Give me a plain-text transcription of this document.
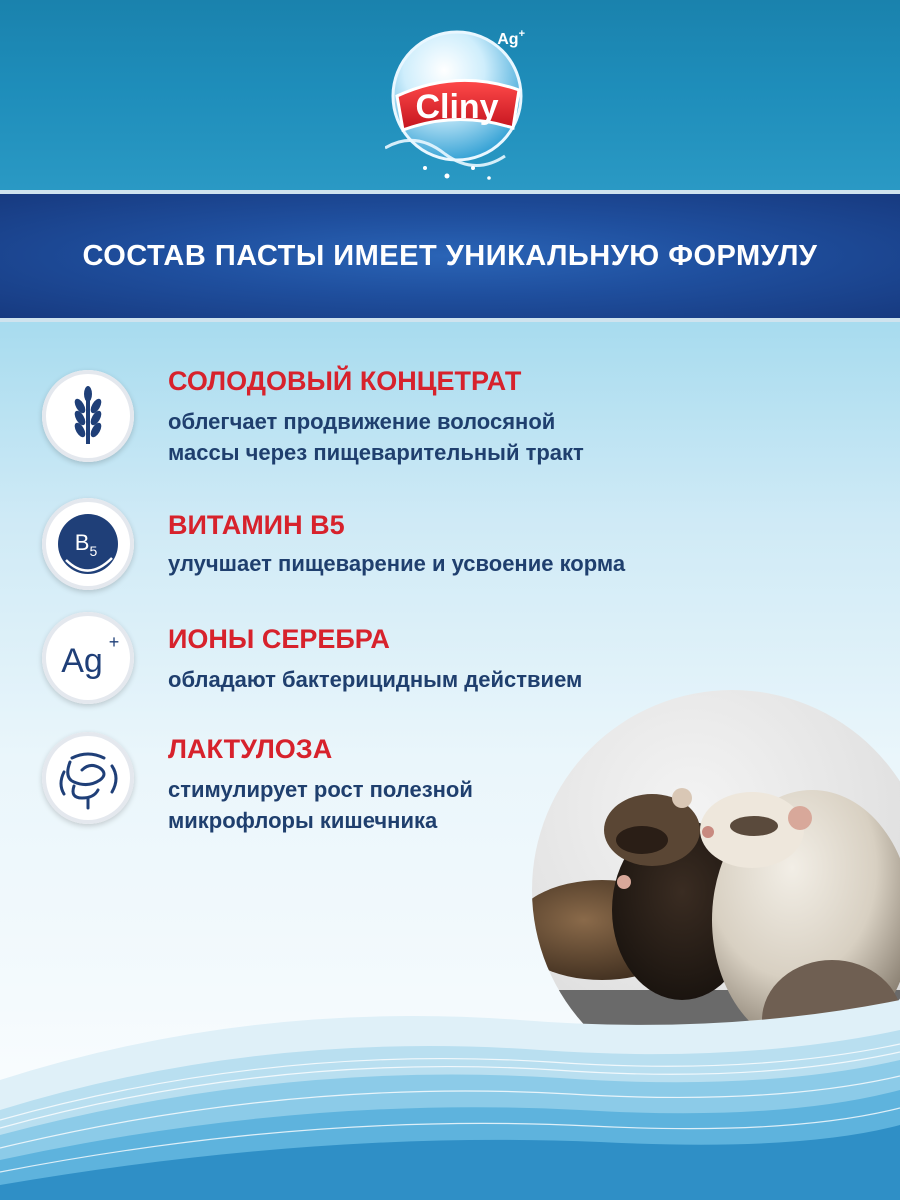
Cliny
Ag+
СОСТАВ ПАСТЫ ИМЕЕТ УНИКАЛЬНУЮ ФОРМУЛУ
СОЛОДОВЫЙ КОНЦЕТРАТ
облегчает продвижение волосяной
массы через пищеварительный тракт
$B_5$
ВИТАМИН B5
улучшает пищеварение и усвоение корма
Ag + ИОНЫ СЕРЕБРА
обладают бактерицидным действием
ЛАКТУЛОЗА
стимулирует рост полезной
микрофлоры кишечника
